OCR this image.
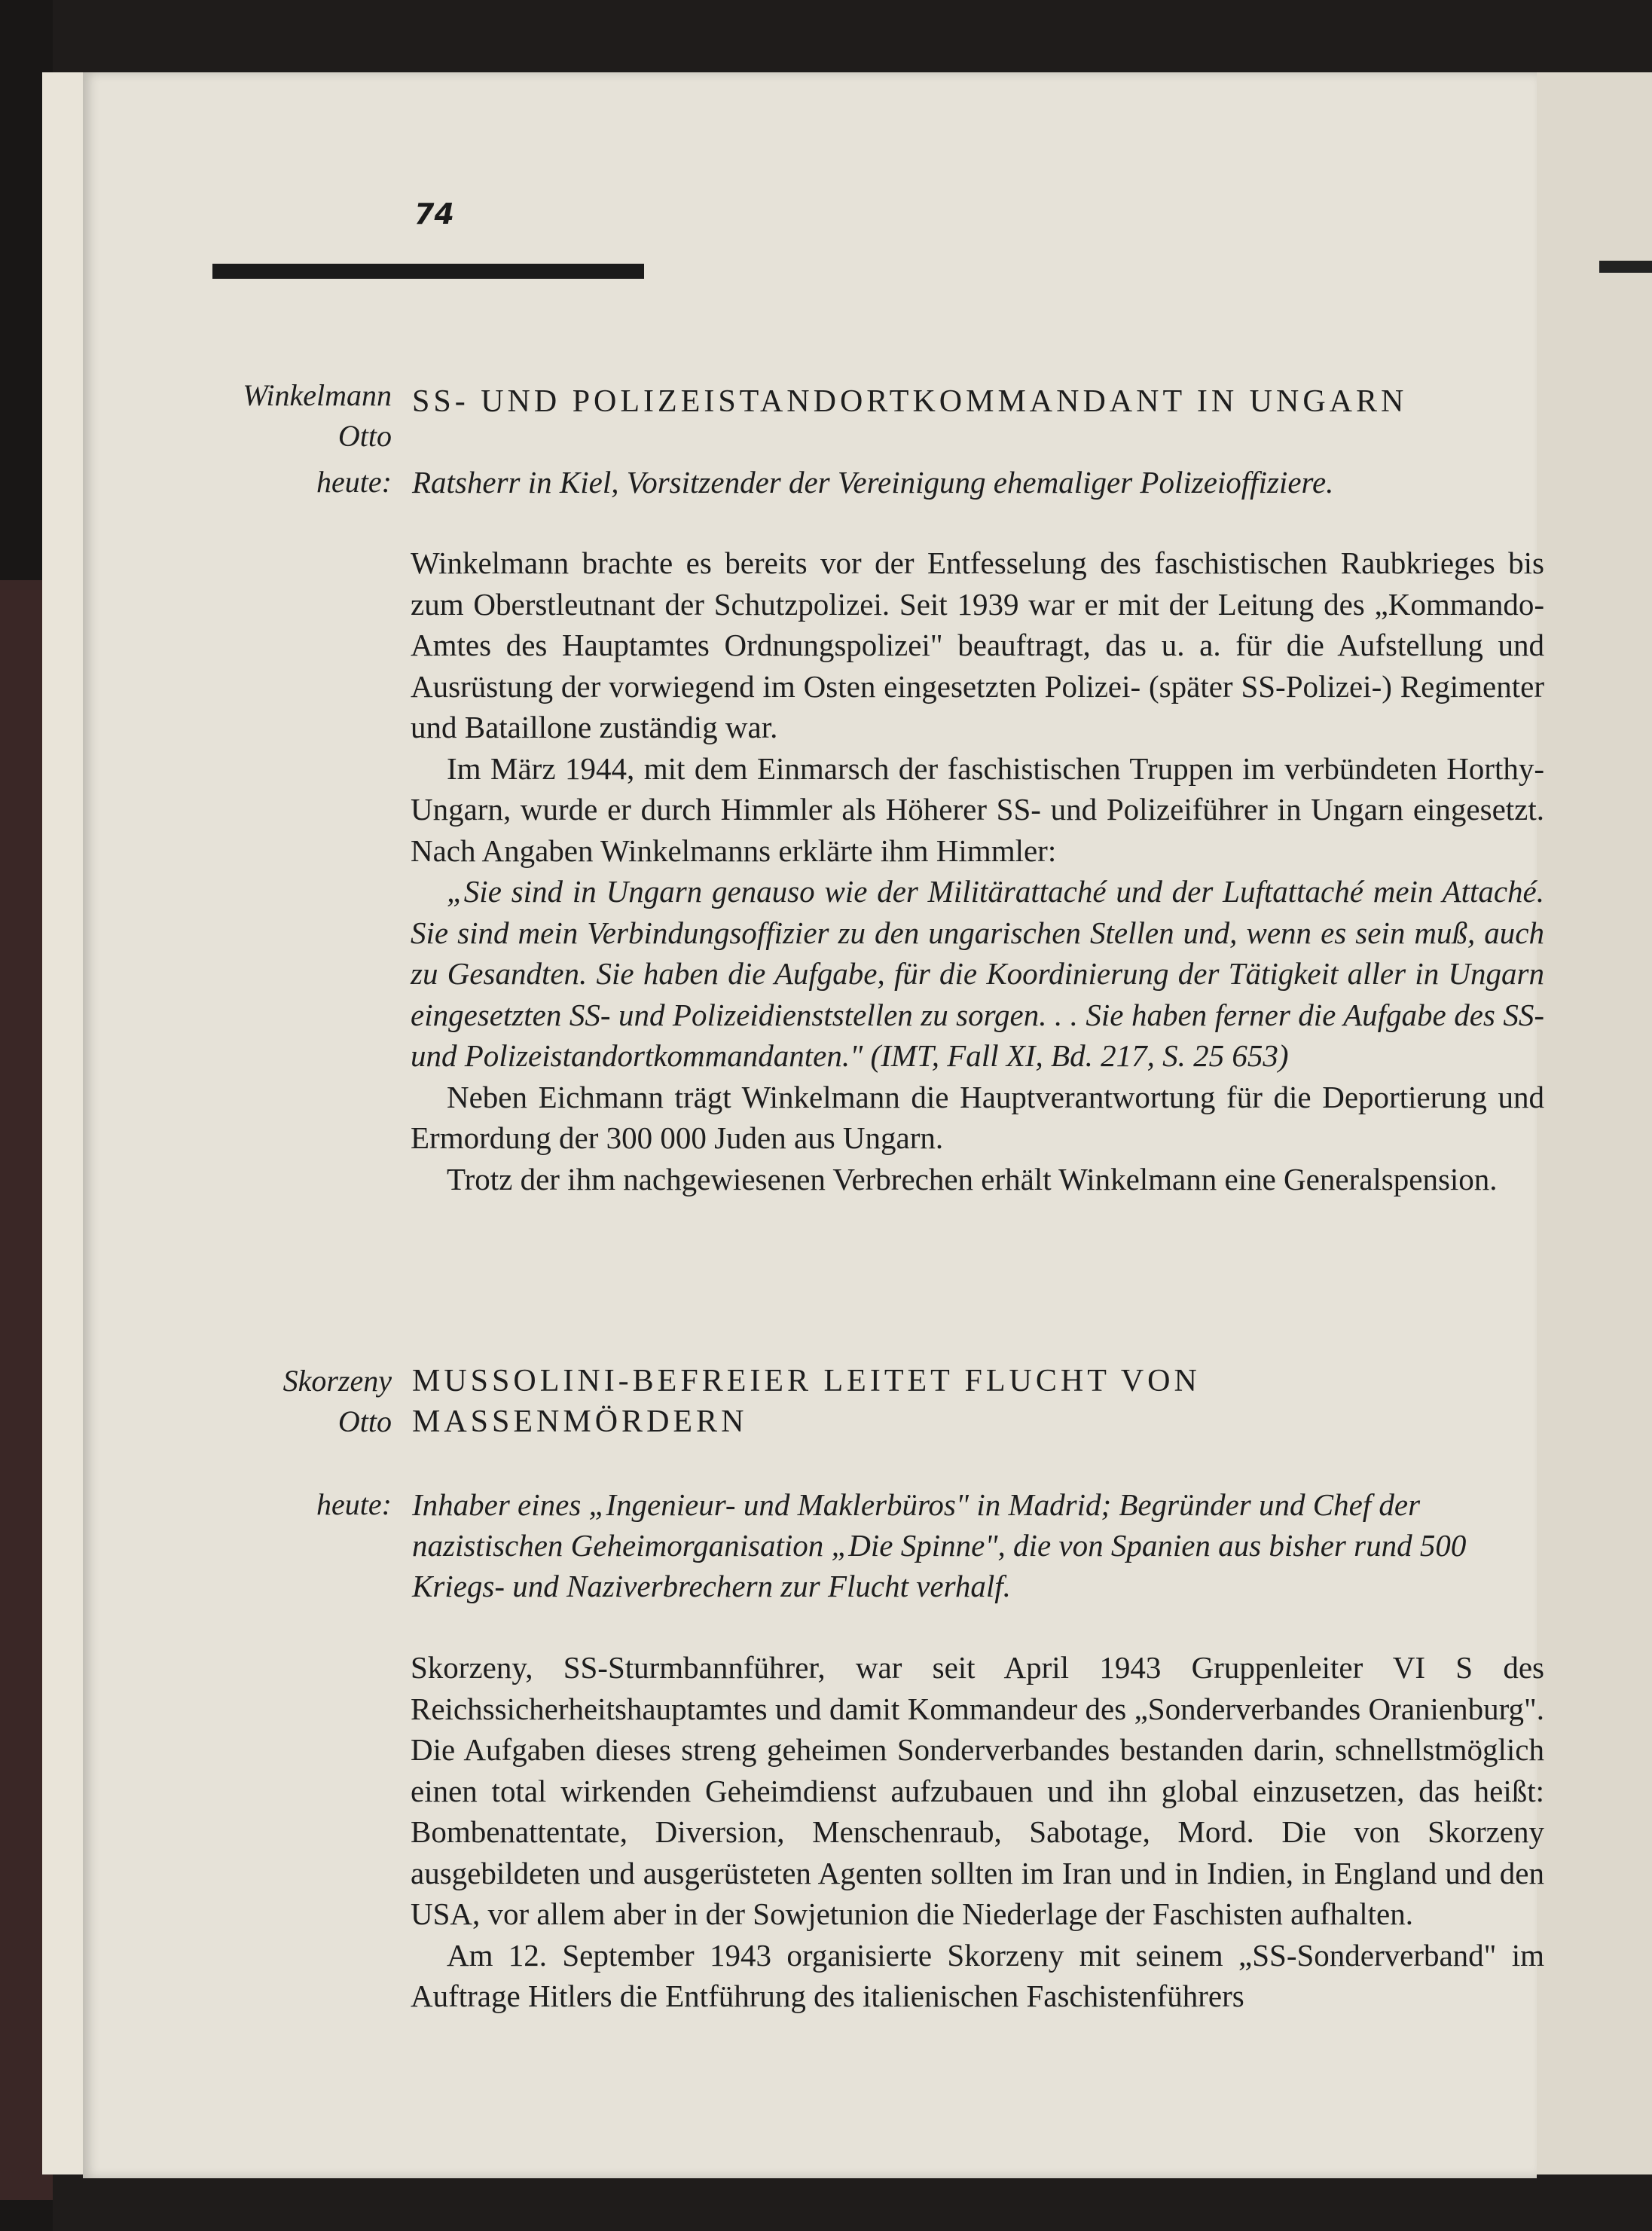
74
Winkelmann
Otto
SS- UND POLIZEISTANDORTKOMMANDANT IN UNGARN
heute: Ratsherr in Kiel, Vorsitzender der Vereinigung ehemaliger Polizeioffiziere.

Winkelmann brachte es bereits vor der Entfesselung des faschistischen Raubkrieges bis zum Oberstleutnant der Schutzpolizei. Seit 1939 war er mit der Leitung des „Kommando-Amtes des Hauptamtes Ordnungspolizei" beauftragt, das u. a. für die Aufstellung und Ausrüstung der vorwiegend im Osten eingesetzten Polizei- (später SS-Polizei-) Regimenter und Bataillone zuständig war.

Im März 1944, mit dem Einmarsch der faschistischen Truppen im verbündeten Horthy-Ungarn, wurde er durch Himmler als Höherer SS- und Polizeiführer in Ungarn eingesetzt. Nach Angaben Winkelmanns erklärte ihm Himmler:

„Sie sind in Ungarn genauso wie der Militärattaché und der Luftattaché mein Attaché. Sie sind mein Verbindungsoffizier zu den ungarischen Stellen und, wenn es sein muß, auch zu Gesandten. Sie haben die Aufgabe, für die Koordinierung der Tätigkeit aller in Ungarn eingesetzten SS- und Polizeidienststellen zu sorgen. . . Sie haben ferner die Aufgabe des SS- und Polizeistandortkommandanten." (IMT, Fall XI, Bd. 217, S. 25 653)

Neben Eichmann trägt Winkelmann die Hauptverantwortung für die Deportierung und Ermordung der 300 000 Juden aus Ungarn.

Trotz der ihm nachgewiesenen Verbrechen erhält Winkelmann eine Generalspension.

Skorzeny
Otto
MUSSOLINI-BEFREIER LEITET FLUCHT VON
MASSENMÖRDERN
heute: Inhaber eines „Ingenieur- und Maklerbüros" in Madrid; Begründer und Chef der nazistischen Geheimorganisation „Die Spinne", die von Spanien aus bisher rund 500 Kriegs- und Naziverbrechern zur Flucht verhalf.

Skorzeny, SS-Sturmbannführer, war seit April 1943 Gruppenleiter VI S des Reichssicherheitshauptamtes und damit Kommandeur des „Sonderverbandes Oranienburg". Die Aufgaben dieses streng geheimen Sonderverbandes bestanden darin, schnellstmöglich einen total wirkenden Geheimdienst aufzubauen und ihn global einzusetzen, das heißt: Bombenattentate, Diversion, Menschenraub, Sabotage, Mord. Die von Skorzeny ausgebildeten und ausgerüsteten Agenten sollten im Iran und in Indien, in England und den USA, vor allem aber in der Sowjetunion die Niederlage der Faschisten aufhalten.

Am 12. September 1943 organisierte Skorzeny mit seinem „SS-Sonderverband" im Auftrage Hitlers die Entführung des italienischen Faschistenführers
